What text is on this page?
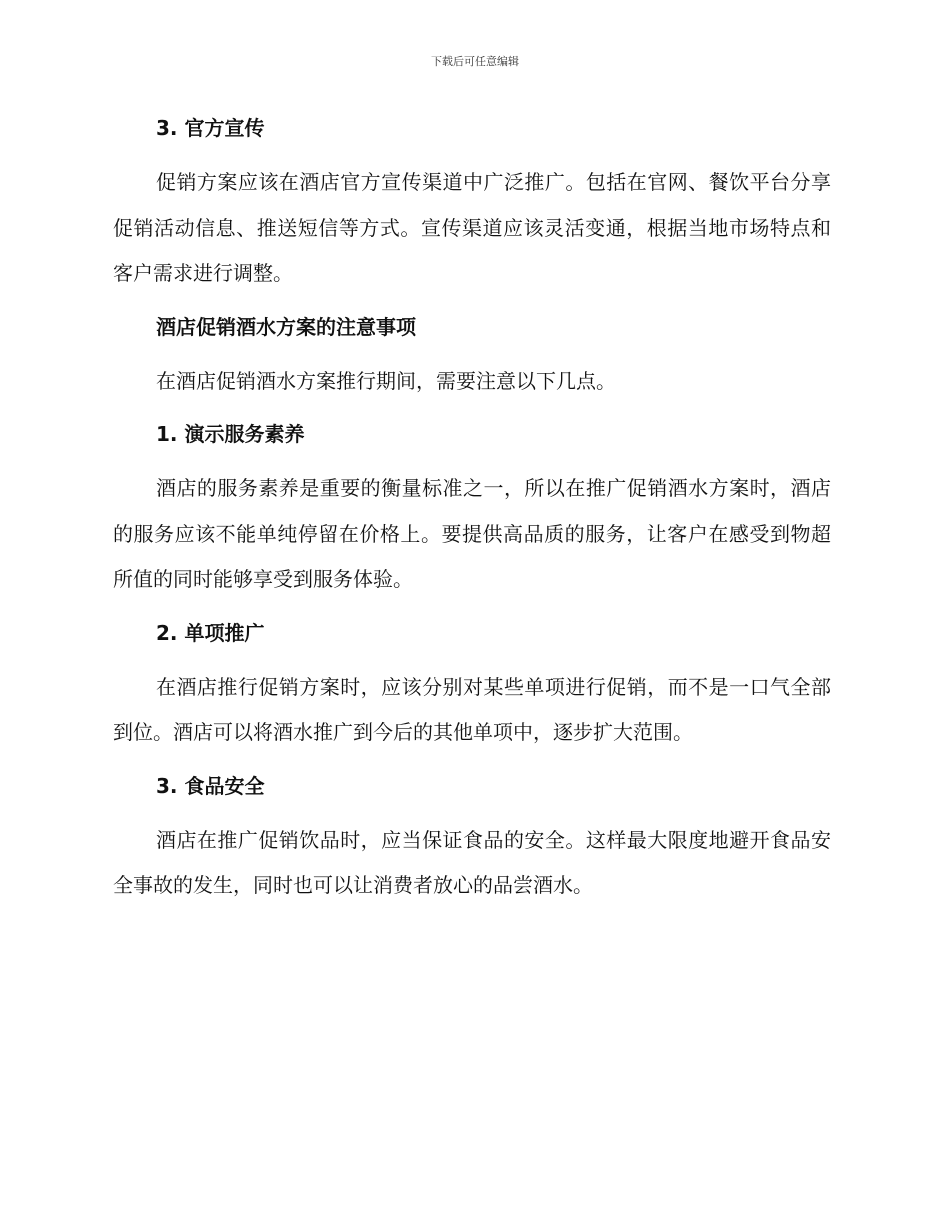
下载后可任意编辑
3. 官方宣传

促销方案应该在酒店官方宣传渠道中广泛推广。包括在官网、餐饮平台分享促销活动信息、推送短信等方式。宣传渠道应该灵活变通，根据当地市场特点和客户需求进行调整。

酒店促销酒水方案的注意事项

在酒店促销酒水方案推行期间，需要注意以下几点。

1. 演示服务素养

酒店的服务素养是重要的衡量标准之一，所以在推广促销酒水方案时，酒店的服务应该不能单纯停留在价格上。要提供高品质的服务，让客户在感受到物超所值的同时能够享受到服务体验。

2. 单项推广

在酒店推行促销方案时，应该分别对某些单项进行促销，而不是一口气全部到位。酒店可以将酒水推广到今后的其他单项中，逐步扩大范围。

3. 食品安全

酒店在推广促销饮品时，应当保证食品的安全。这样最大限度地避开食品安全事故的发生，同时也可以让消费者放心的品尝酒水。
